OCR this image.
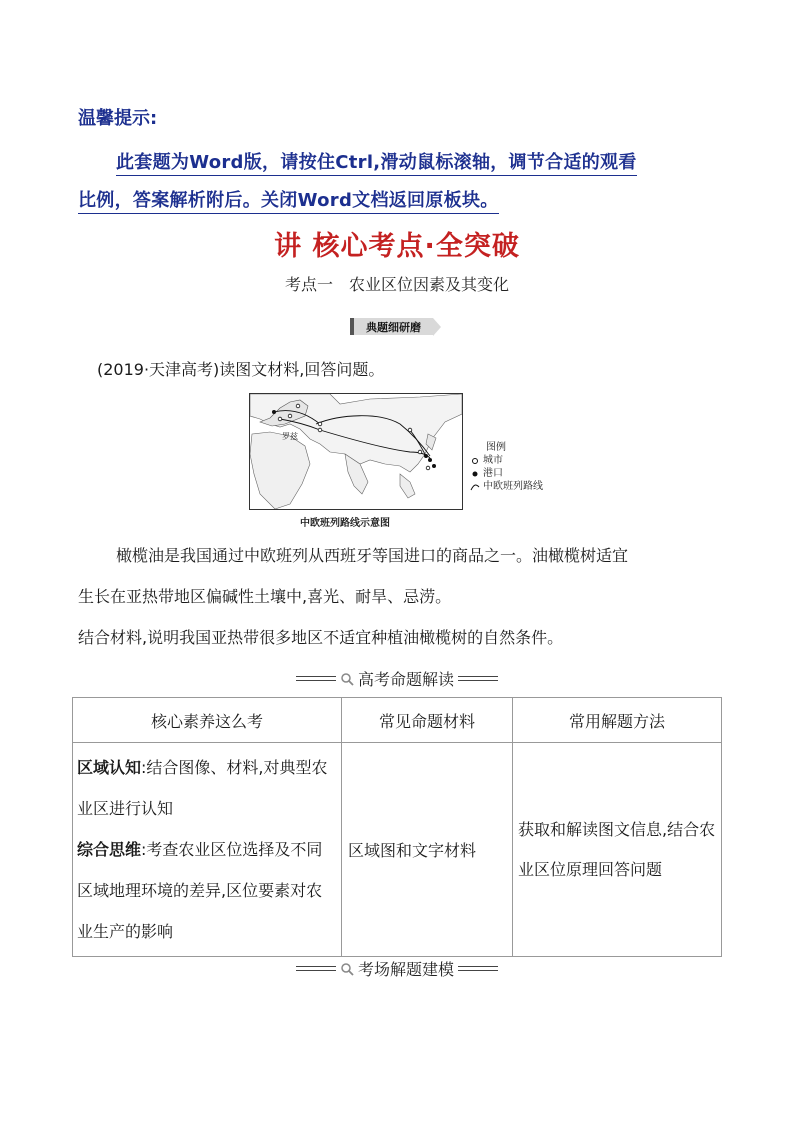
温馨提示:
此套题为Word版，请按住Ctrl,滑动鼠标滚轴，调节合适的观看
比例，答案解析附后。关闭Word文档返回原板块。
讲 核心考点·全突破
考点一　农业区位因素及其变化
典题细研磨
(2019·天津高考)读图文材料,回答问题。
罗兹
图例
城市
港口
中欧班列路线
中欧班列路线示意图
橄榄油是我国通过中欧班列从西班牙等国进口的商品之一。油橄榄树适宜
生长在亚热带地区偏碱性土壤中,喜光、耐旱、忌涝。
结合材料,说明我国亚热带很多地区不适宜种植油橄榄树的自然条件。
高考命题解读
核心素养这么考	常见命题材料	常用解题方法
区域认知:结合图像、材料,对典型农业区进行认知
综合思维:考查农业区位选择及不同区域地理环境的差异,区位要素对农业生产的影响	区域图和文字材料	获取和解读图文信息,结合农业区位原理回答问题
考场解题建模
